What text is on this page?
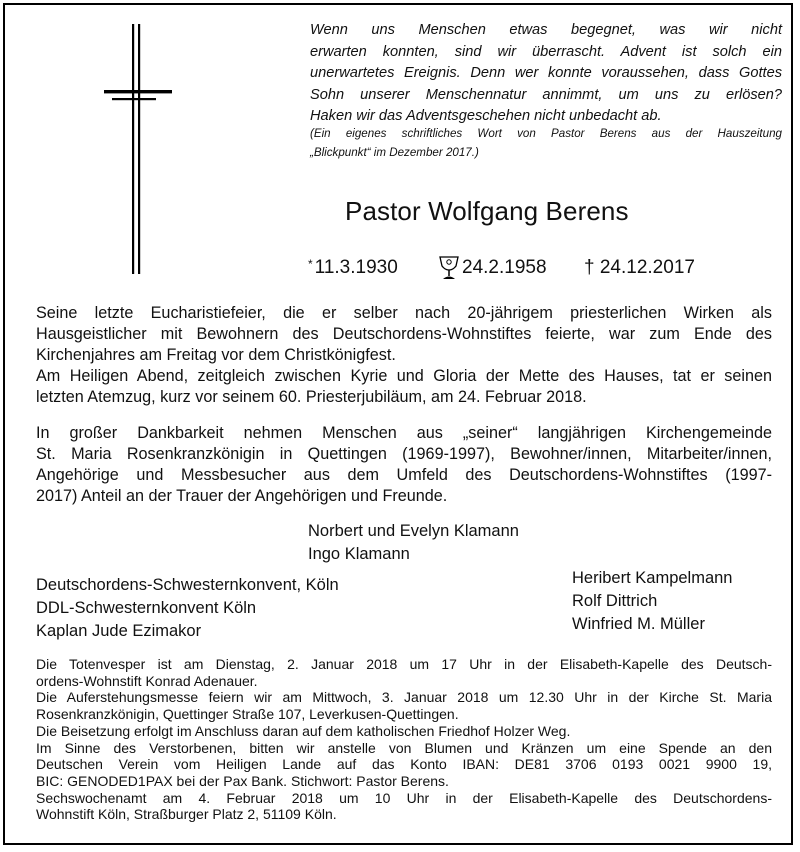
Wenn uns Menschen etwas begegnet, was wir nicht

erwarten konnten, sind wir überrascht. Advent ist solch ein

unerwartetes Ereignis. Denn wer konnte voraussehen, dass Gottes

Sohn unserer Menschennatur annimmt, um uns zu erlösen?

Haken wir das Adventsgeschehen nicht unbedacht ab.

(Ein eigenes schriftliches Wort von Pastor Berens aus der Hauszeitung
„Blickpunkt“ im Dezember 2017.)
Pastor Wolfgang Berens
* 11.3.1930	24.2.1958 † 24.12.2017

Seine letzte Eucharistiefeier, die er selber nach 20-jährigem priesterlichen Wirken als
Hausgeistlicher mit Bewohnern des Deutschordens-Wohnstiftes feierte, war zum Ende des
Kirchenjahres am Freitag vor dem Christkönigfest.
Am Heiligen Abend, zeitgleich zwischen Kyrie und Gloria der Mette des Hauses, tat er seinen
letzten Atemzug, kurz vor seinem 60. Priesterjubiläum, am 24. Februar 2018.

In großer Dankbarkeit nehmen Menschen aus „seiner“ langjährigen Kirchengemeinde
St. Maria Rosenkranzkönigin in Quettingen (1969-1997), Bewohner/innen, Mitarbeiter/innen,
Angehörige und Messbesucher aus dem Umfeld des Deutschordens-Wohnstiftes (1997-
2017) Anteil an der Trauer der Angehörigen und Freunde.

Norbert und Evelyn Klamann
Ingo Klamann
Deutschordens-Schwesternkonvent, Köln
DDL-Schwesternkonvent Köln
Kaplan Jude Ezimakor
Heribert Kampelmann
Rolf Dittrich
Winfried M. Müller
Die Totenvesper ist am Dienstag, 2. Januar 2018 um 17 Uhr in der Elisabeth-Kapelle des Deutsch-
ordens-Wohnstift Konrad Adenauer.
Die Auferstehungsmesse feiern wir am Mittwoch, 3. Januar 2018 um 12.30 Uhr in der Kirche St. Maria
Rosenkranzkönigin, Quettinger Straße 107, Leverkusen-Quettingen.
Die Beisetzung erfolgt im Anschluss daran auf dem katholischen Friedhof Holzer Weg.
Im Sinne des Verstorbenen, bitten wir anstelle von Blumen und Kränzen um eine Spende an den
Deutschen Verein vom Heiligen Lande auf das Konto IBAN: DE81 3706 0193 0021 9900 19,
BIC: GENODED1PAX bei der Pax Bank. Stichwort: Pastor Berens.
Sechswochenamt am 4. Februar 2018 um 10 Uhr in der Elisabeth-Kapelle des Deutschordens-
Wohnstift Köln, Straßburger Platz 2, 51109 Köln.
